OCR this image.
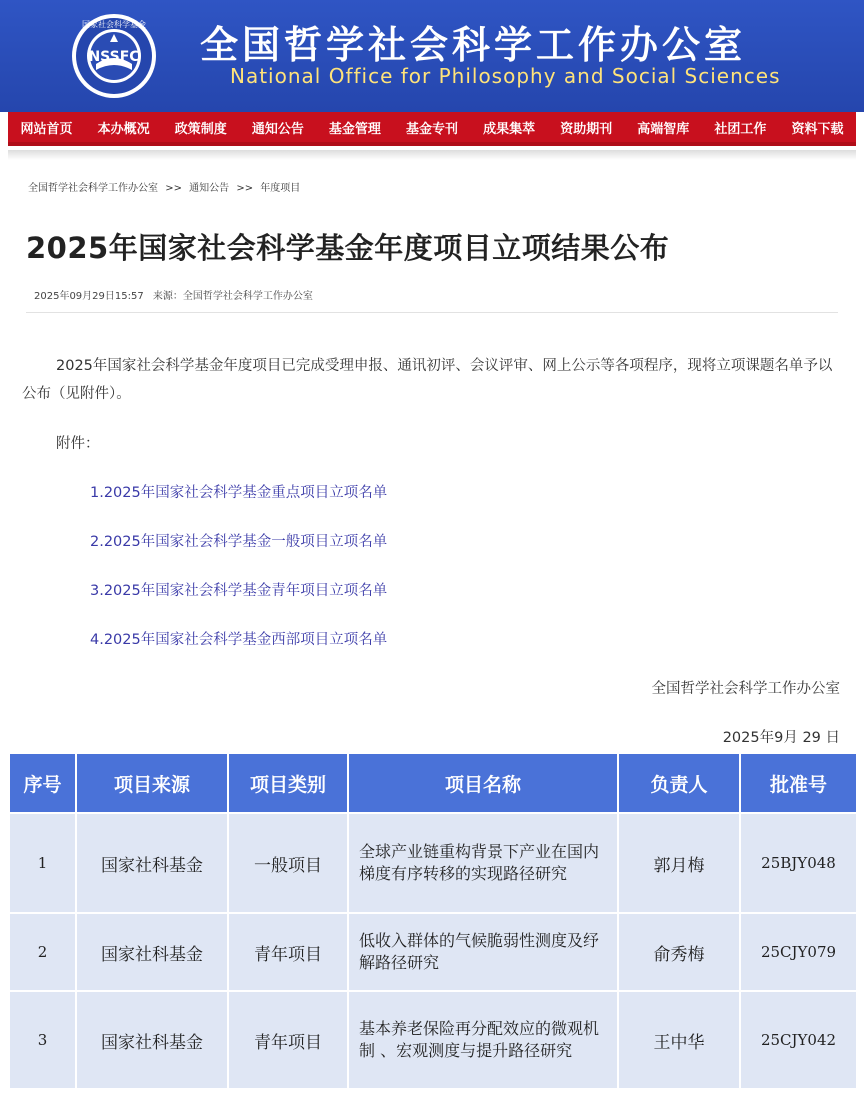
NSSFC
国家社会科学基金 全国哲学社会科学工作办公室
National Office for Philosophy and Social Sciences
网站首页	本办概况	政策制度	通知公告	基金管理	基金专刊	成果集萃	资助期刊	高端智库	社团工作	资料下载
全国哲学社会科学工作办公室 >> 通知公告 >> 年度项目
2025年国家社会科学基金年度项目立项结果公布
2025年09月29日15:57 来源：全国哲学社会科学工作办公室
2025年国家社会科学基金年度项目已完成受理申报、通讯初评、会议评审、网上公示等各项程序，现将立项课题名单予以公布（见附件）。
附件：
1.2025年国家社会科学基金重点项目立项名单
2.2025年国家社会科学基金一般项目立项名单
3.2025年国家社会科学基金青年项目立项名单
4.2025年国家社会科学基金西部项目立项名单
全国哲学社会科学工作办公室
2025年9月 29 日
序号	项目来源	项目类别	项目名称	负责人	批准号
1	国家社科基金	一般项目	全球产业链重构背景下产业在国内梯度有序转移的实现路径研究	郭月梅	25BJY048
2	国家社科基金	青年项目	低收入群体的气候脆弱性测度及纾解路径研究	俞秀梅	25CJY079
3	国家社科基金	青年项目	基本养老保险再分配效应的微观机制 、宏观测度与提升路径研究	王中华	25CJY042
